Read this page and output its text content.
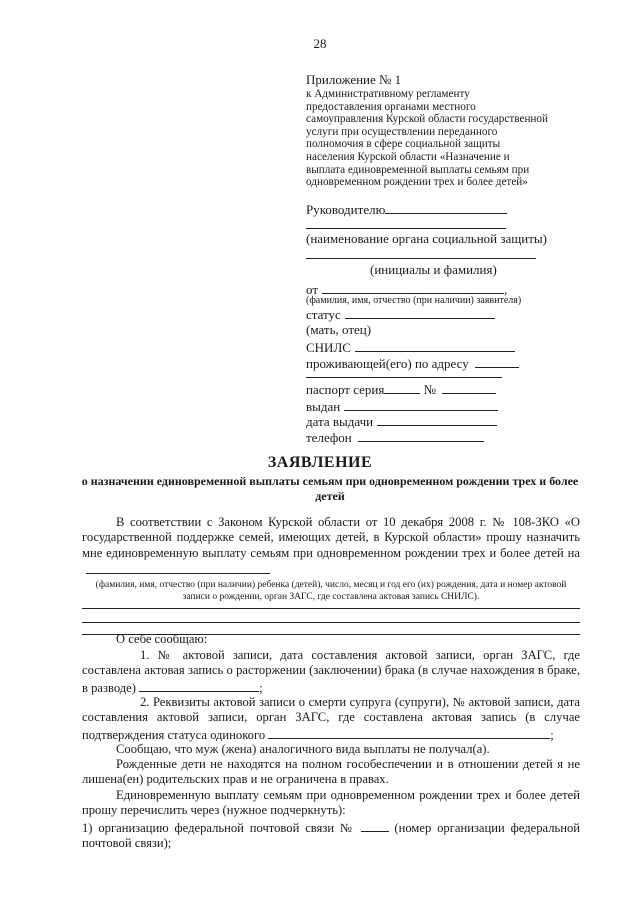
28
Приложение № 1
к Административному регламенту
предоставления органами местного
самоуправления Курской области государственной
услуги при осуществлении переданного
полномочия в сфере социальной защиты
населения Курской области «Назначение и
выплата единовременной выплаты семьям при
одновременном рождении трех и более детей»
Руководителю
(наименование органа социальной защиты)
(инициалы и фамилия)
от	,
(фамилия, имя, отчество (при наличии) заявителя)
статус
(мать, отец)
СНИЛС
проживающей(его) по адресу
паспорт серия	№
выдан
дата выдачи
телефон
ЗАЯВЛЕНИЕ
о назначении единовременной выплаты семьям при одновременном рождении трех и более детей
В соответствии с Законом Курской области от 10 декабря 2008 г. № 108-ЗКО «О государственной поддержке семей, имеющих детей, в Курской области» прошу назначить мне единовременную выплату семьям при одновременном рождении трех и более детей на
(фамилия, имя, отчество (при наличии) ребенка (детей), число, месяц и год его (их) рождения, дата и номер актовой записи о рождении, орган ЗАГС, где составлена актовая запись СНИЛС).
О себе сообщаю:
1. № актовой записи, дата составления актовой записи, орган ЗАГС, где составлена актовая запись о расторжении (заключении) брака (в случае нахождения в браке, в разводе)	;
2. Реквизиты актовой записи о смерти супруга (супруги), № актовой записи, дата составления актовой записи, орган ЗАГС, где составлена актовая запись (в случае подтверждения статуса одинокого	;
Сообщаю, что муж (жена) аналогичного вида выплаты не получал(а).
Рожденные дети не находятся на полном гособеспечении и в отношении детей я не лишена(ен) родительских прав и не ограничена в правах.
Единовременную выплату семьям при одновременном рождении трех и более детей прошу перечислить через (нужное подчеркнуть):
1) организацию федеральной почтовой связи №	(номер организации федеральной почтовой связи);
